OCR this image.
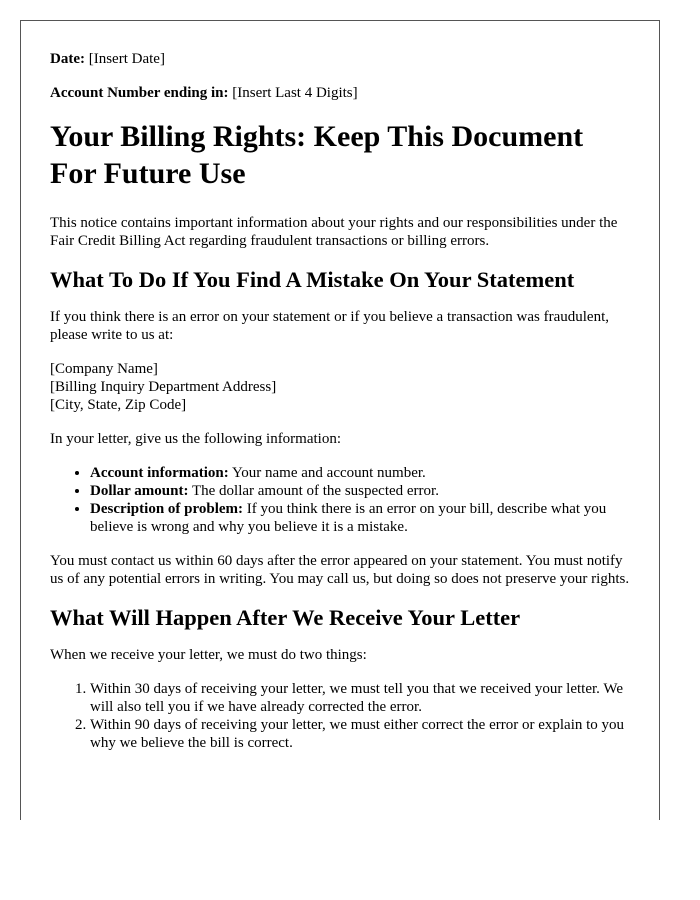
Date: [Insert Date]
Account Number ending in: [Insert Last 4 Digits]
Your Billing Rights: Keep This Document For Future Use

This notice contains important information about your rights and our responsibilities under the Fair Credit Billing Act regarding fraudulent transactions or billing errors.

What To Do If You Find A Mistake On Your Statement

If you think there is an error on your statement or if you believe a transaction was fraudulent, please write to us at:

[Company Name]
[Billing Inquiry Department Address]
[City, State, Zip Code]

In your letter, give us the following information:

• Account information: Your name and account number.
• Dollar amount: The dollar amount of the suspected error.
• Description of problem: If you think there is an error on your bill, describe what you believe is wrong and why you believe it is a mistake.

You must contact us within 60 days after the error appeared on your statement. You must notify us of any potential errors in writing. You may call us, but doing so does not preserve your rights.

What Will Happen After We Receive Your Letter

When we receive your letter, we must do two things:

1. Within 30 days of receiving your letter, we must tell you that we received your letter. We will also tell you if we have already corrected the error.
2. Within 90 days of receiving your letter, we must either correct the error or explain to you why we believe the bill is correct.
